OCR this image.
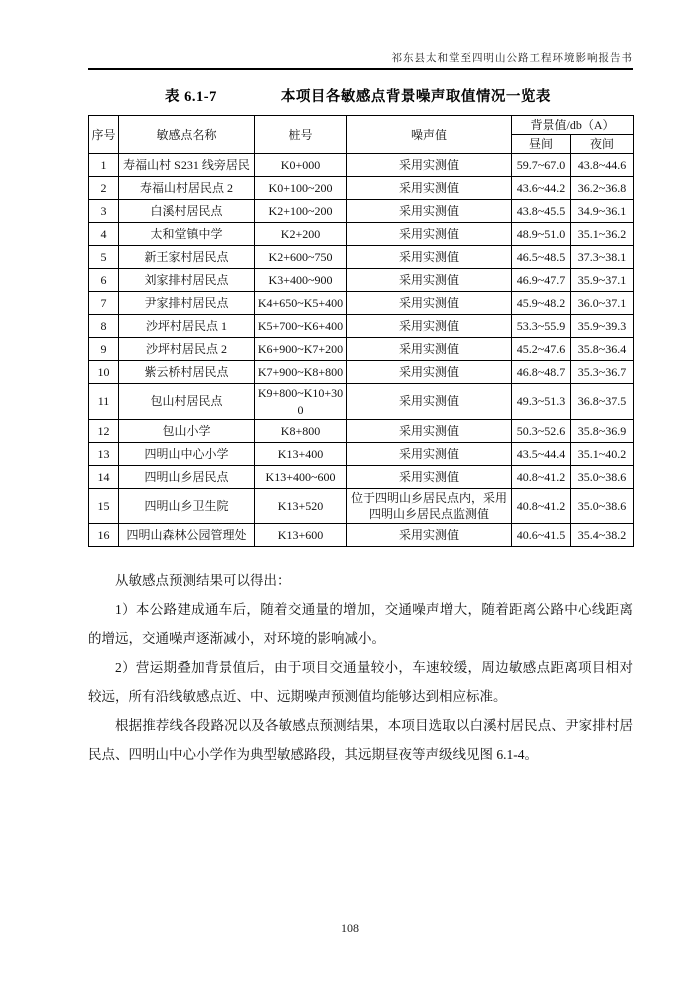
祁东县太和堂至四明山公路工程环境影响报告书
表 6.1-7	本项目各敏感点背景噪声取值情况一览表
序号	敏感点名称	桩号	噪声值	背景值/db（A）	
				昼间	夜间
1	寿福山村 S231 线旁居民	K0+000	采用实测值	59.7~67.0	43.8~44.6
2	寿福山村居民点 2	K0+100~200	采用实测值	43.6~44.2	36.2~36.8
3	白溪村居民点	K2+100~200	采用实测值	43.8~45.5	34.9~36.1
4	太和堂镇中学	K2+200	采用实测值	48.9~51.0	35.1~36.2
5	新王家村居民点	K2+600~750	采用实测值	46.5~48.5	37.3~38.1
6	刘家排村居民点	K3+400~900	采用实测值	46.9~47.7	35.9~37.1
7	尹家排村居民点	K4+650~K5+400	采用实测值	45.9~48.2	36.0~37.1
8	沙坪村居民点 1	K5+700~K6+400	采用实测值	53.3~55.9	35.9~39.3
9	沙坪村居民点 2	K6+900~K7+200	采用实测值	45.2~47.6	35.8~36.4
10	紫云桥村居民点	K7+900~K8+800	采用实测值	46.8~48.7	35.3~36.7
11	包山村居民点	K9+800~K10+300	采用实测值	49.3~51.3	36.8~37.5
12	包山小学	K8+800	采用实测值	50.3~52.6	35.8~36.9
13	四明山中心小学	K13+400	采用实测值	43.5~44.4	35.1~40.2
14	四明山乡居民点	K13+400~600	采用实测值	40.8~41.2	35.0~38.6
15	四明山乡卫生院	K13+520	位于四明山乡居民点内，采用四明山乡居民点监测值	40.8~41.2	35.0~38.6
16	四明山森林公园管理处	K13+600	采用实测值	40.6~41.5	35.4~38.2

从敏感点预测结果可以得出：

1）本公路建成通车后，随着交通量的增加，交通噪声增大，随着距离公路中心线距离的增远，交通噪声逐渐减小，对环境的影响减小。

2）营运期叠加背景值后，由于项目交通量较小，车速较缓，周边敏感点距离项目相对较远，所有沿线敏感点近、中、远期噪声预测值均能够达到相应标准。

根据推荐线各段路况以及各敏感点预测结果，本项目选取以白溪村居民点、尹家排村居民点、四明山中心小学作为典型敏感路段，其远期昼夜等声级线见图 6.1-4。

108
